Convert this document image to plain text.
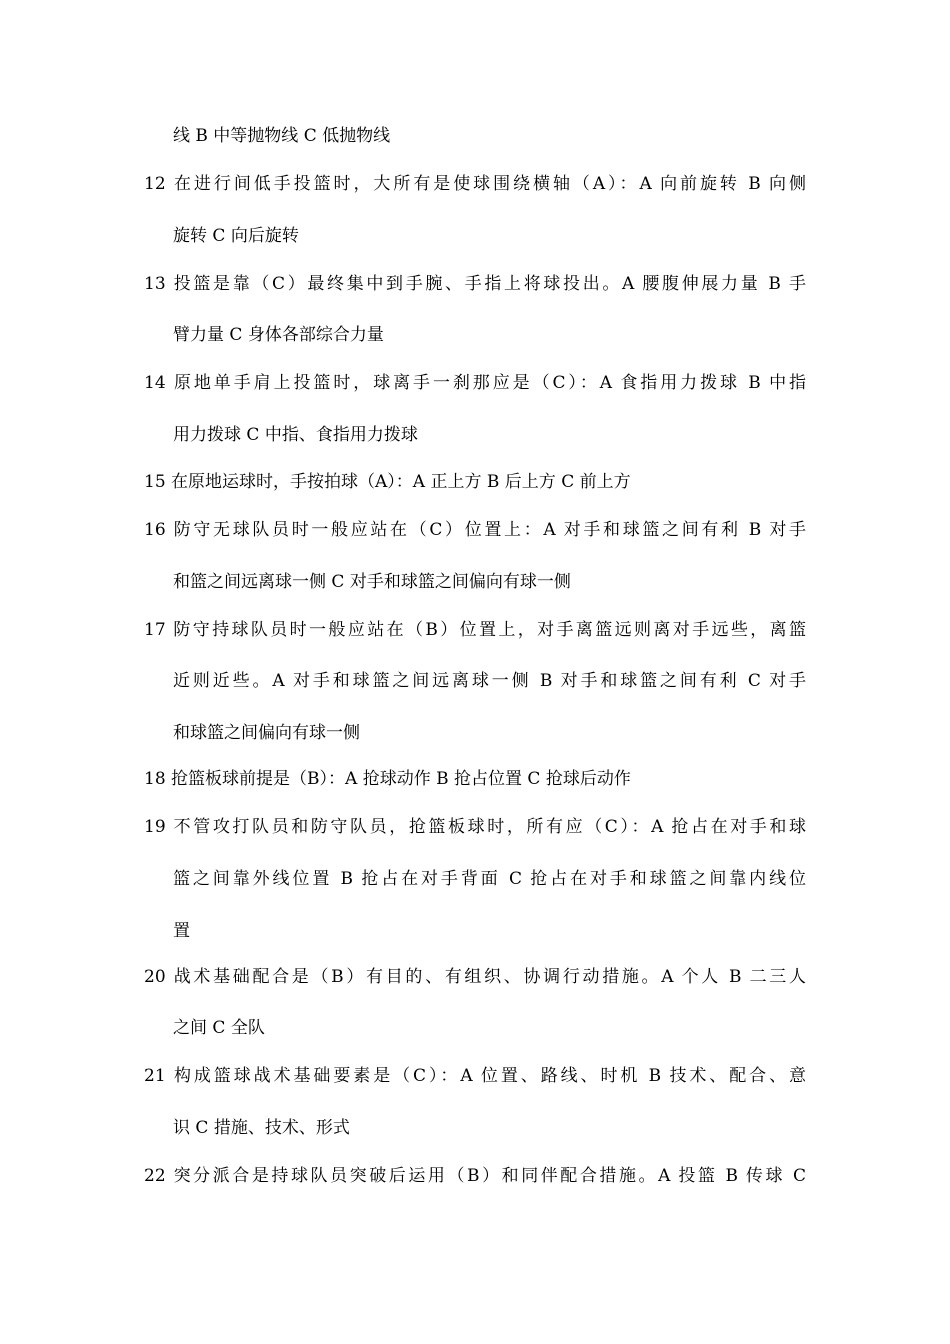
线 B 中等抛物线 C 低抛物线

12 在进行间低手投篮时，大所有是使球围绕横轴（A）：A 向前旋转 B 向侧

旋转 C 向后旋转

13 投篮是靠（C）最终集中到手腕、手指上将球投出。A 腰腹伸展力量 B 手

臂力量 C 身体各部综合力量

14 原地单手肩上投篮时，球离手一刹那应是（C）：A 食指用力拨球 B 中指

用力拨球 C 中指、食指用力拨球

15 在原地运球时，手按拍球（A）：A 正上方 B 后上方 C 前上方

16 防守无球队员时一般应站在（C）位置上：A 对手和球篮之间有利 B 对手

和篮之间远离球一侧 C 对手和球篮之间偏向有球一侧

17 防守持球队员时一般应站在（B）位置上，对手离篮远则离对手远些，离篮

近则近些。A 对手和球篮之间远离球一侧 B 对手和球篮之间有利 C 对手

和球篮之间偏向有球一侧

18 抢篮板球前提是（B）：A 抢球动作 B 抢占位置 C 抢球后动作

19 不管攻打队员和防守队员，抢篮板球时，所有应（C）：A 抢占在对手和球

篮之间靠外线位置 B 抢占在对手背面 C 抢占在对手和球篮之间靠内线位

置

20 战术基础配合是（B）有目的、有组织、协调行动措施。A 个人 B 二三人

之间 C 全队

21 构成篮球战术基础要素是（C）：A 位置、路线、时机 B 技术、配合、意

识 C 措施、技术、形式

22 突分派合是持球队员突破后运用（B）和同伴配合措施。A 投篮 B 传球 C
